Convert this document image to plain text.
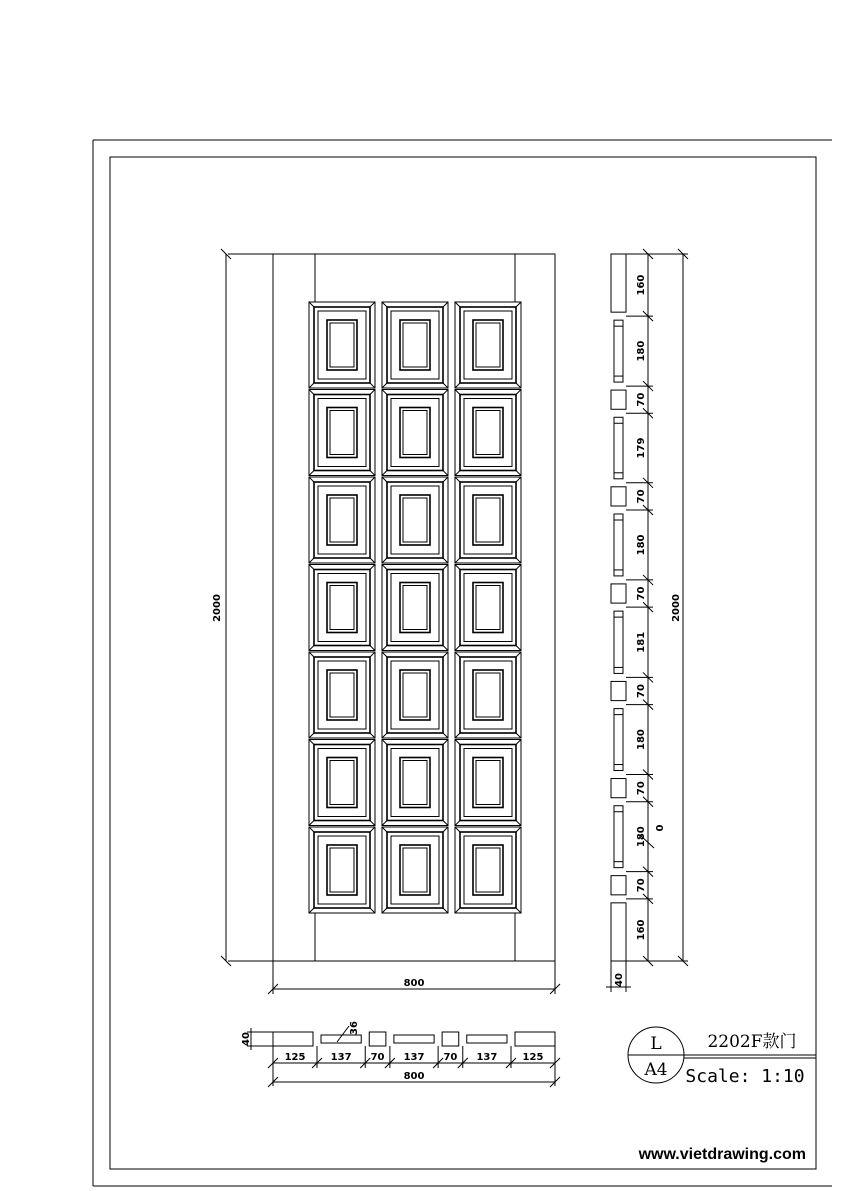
2000
800
160
180
70
179
70
180
70
181
70
180
70
180
70
160
2000
0
40
40
36
125	137 70 137 70 137	125
800
L
A4
2202F款门
Scale: 1:10
www.vietdrawing.com
